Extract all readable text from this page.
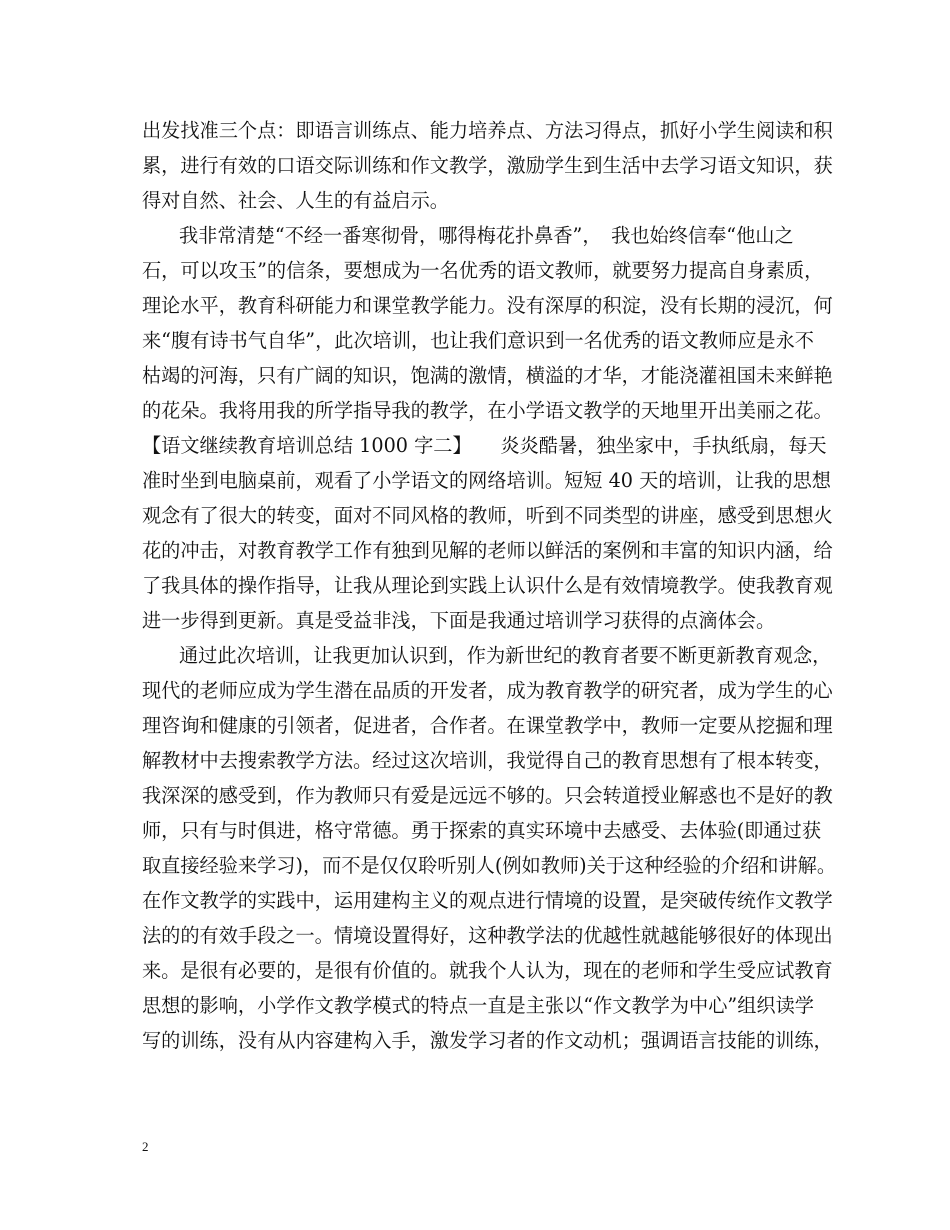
出发找准三个点：即语言训练点、能力培养点、方法习得点，抓好小学生阅读和积
累，进行有效的口语交际训练和作文教学，激励学生到生活中去学习语文知识，获
得对自然、社会、人生的有益启示。
我非常清楚“不经一番寒彻骨，哪得梅花扑鼻香”，　我也始终信奉“他山之
石，可以攻玉”的信条，要想成为一名优秀的语文教师，就要努力提高自身素质，
理论水平，教育科研能力和课堂教学能力。没有深厚的积淀，没有长期的浸沉，何
来“腹有诗书气自华”，此次培训，也让我们意识到一名优秀的语文教师应是永不
枯竭的河海，只有广阔的知识，饱满的激情，横溢的才华，才能浇灌祖国未来鲜艳
的花朵。我将用我的所学指导我的教学，在小学语文教学的天地里开出美丽之花。
【语文继续教育培训总结 1000 字二】　　炎炎酷暑，独坐家中，手执纸扇，每天
准时坐到电脑桌前，观看了小学语文的网络培训。短短 40 天的培训，让我的思想
观念有了很大的转变，面对不同风格的教师，听到不同类型的讲座，感受到思想火
花的冲击，对教育教学工作有独到见解的老师以鲜活的案例和丰富的知识内涵，给
了我具体的操作指导，让我从理论到实践上认识什么是有效情境教学。使我教育观
进一步得到更新。真是受益非浅，下面是我通过培训学习获得的点滴体会。
通过此次培训，让我更加认识到，作为新世纪的教育者要不断更新教育观念，
现代的老师应成为学生潜在品质的开发者，成为教育教学的研究者，成为学生的心
理咨询和健康的引领者，促进者，合作者。在课堂教学中，教师一定要从挖掘和理
解教材中去搜索教学方法。经过这次培训，我觉得自己的教育思想有了根本转变，
我深深的感受到，作为教师只有爱是远远不够的。只会转道授业解惑也不是好的教
师，只有与时俱进，格守常德。勇于探索的真实环境中去感受、去体验(即通过获
取直接经验来学习)，而不是仅仅聆听别人(例如教师)关于这种经验的介绍和讲解。
在作文教学的实践中，运用建构主义的观点进行情境的设置，是突破传统作文教学
法的的有效手段之一。情境设置得好，这种教学法的优越性就越能够很好的体现出
来。是很有必要的，是很有价值的。就我个人认为，现在的老师和学生受应试教育
思想的影响，小学作文教学模式的特点一直是主张以“作文教学为中心”组织读学
写的训练，没有从内容建构入手，激发学习者的作文动机；强调语言技能的训练，
2
